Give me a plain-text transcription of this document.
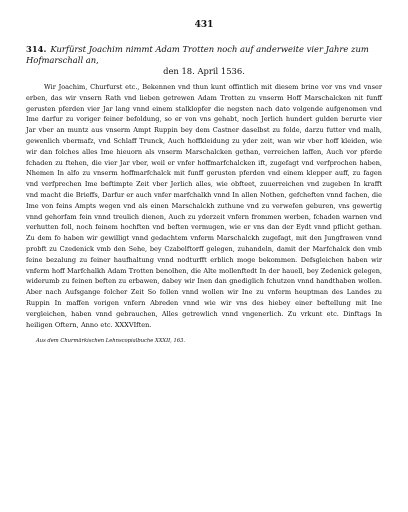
431
314. Kurfürst Joachim nimmt Adam Trotten noch auf anderweite vier Jahre zum Hofmarschall an,
den 18. April 1536.

Wir Joachim, Churfurst etc., Bekennen vnd thun kunt offintlich mit diesem brine vor vns vnd vnser erben, das wir vnsern Rath vnd lieben getrewen Adam Trotten zu vnserm Hoff Marschalcken nit funff gerusten pferden vier Jar lang vnnd einem stalklopfer die negsten nach dato volgende aufgenomen vnd Ime darfur zu voriger feiner befoldung, so er von vns gehabt, noch Jerlich hundert gulden berurte vier Jar vber an muntz aus vnserm Ampt Ruppin bey dem Castner daselbst zu folde, darzu futter vnd malh, gewenlich vbermafz, vnd Schlaff Trunck, Auch hoffkleidung zu yder zeit, wan wir vber hoff kleiden, wie wir dan folches alles Ime hieuorn als vnserm Marschalcken gethan, verreichen laffen, Auch vor pferde fchaden zu ftehen, die vier Jar vber, weil er vnfer hoffmarfchalcken ift, zugefagt vnd verfprochen haben, Nhemen In alfo zu vnserm hoffmarfchalck mit funff gerusten pferden vnd einem klepper auff, zu fagen vnd verfprechen Ime beftimpte Zeit vber Jerlich alles, wie obfteet, zuuerreichen vnd zugeben In krafft vnd macht die Brieffs, Darfur er auch vnfer marfchalkh vnnd In allen Nothen, gefcheften vnnd fachen, die Ime von feins Ampts wegen vnd als einen Marschalckh zuthune vnd zu verwefen geburen, vns gewertig vnnd gehorfam fein vnnd treulich dienen, Auch zu yderzeit vnfern frommen werben, fchaden warnen vnd verhutten foll, noch feinem hochften vnd beften vermugen, wie er vns dan der Eydt vnnd pflicht gethan. Zu dem fo haben wir gewilligt vnnd gedachtem vnferm Marschalckh zugefagt, mit den Jungfrawen vnnd probft zu Czedenick vmb den Sehe, bey Czabelftorff gelegen, zuhandeln, damit der Marfchalck den vmb feine bezalung zu feiner haufhaltung vnnd nodturfft erblich moge bekommen. Defsgleichen haben wir vnferm hoff Marfchalkh Adam Trotten benolhen, die Alte mollenftedt In der hauell, bey Zedenick gelegen, widerumb zu feinen beften zu erbawen, dabey wir Inen dan gnediglich fchutzen vnnd handthaben wollen. Aber nach Aufsgange folcher Zeit So follen vnnd wollen wir Ine zu vnferm heuptman des Landes zu Ruppin In maffen vorigen vnfern Abreden vnnd wie wir vns des hiebey einer beftellung mit Ine vergleichen, haben vnnd gebrauchen, Alles getrewlich vnnd vngenerlich. Zu vrkunt etc. Dinftags In heiligen Oftern, Anno etc. XXXVIften.

Aus dem Churmärkischen Lehnscopialbuche XXXII, 163.
